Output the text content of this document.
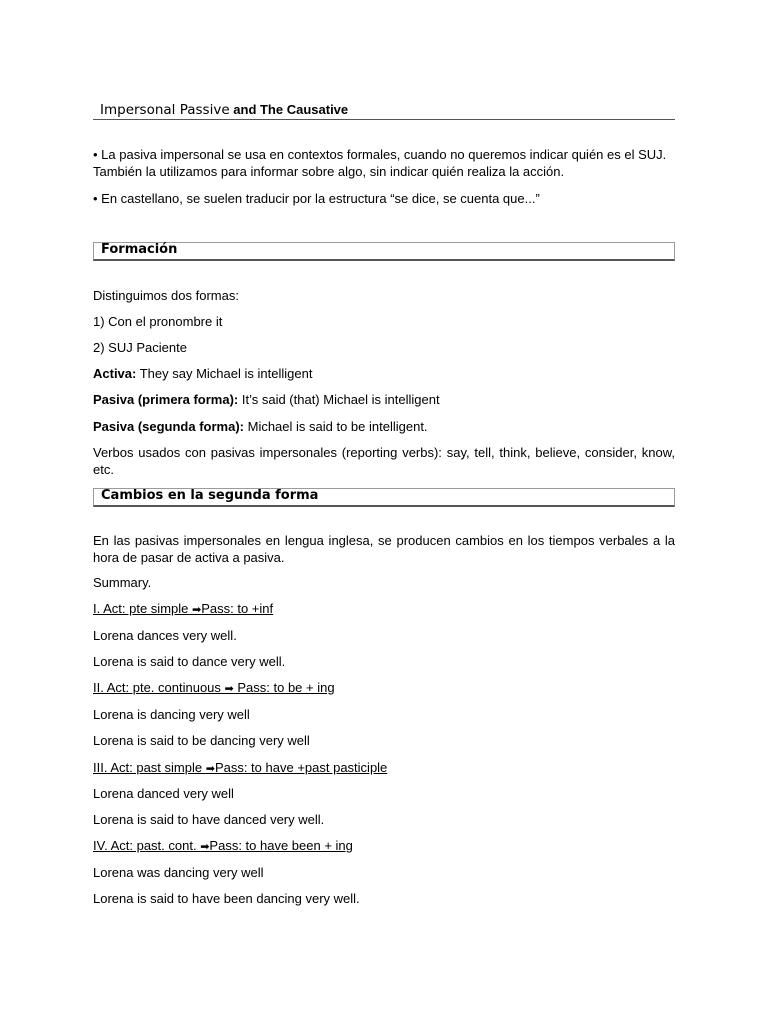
Impersonal Passive and The Causative

• La pasiva impersonal se usa en contextos formales, cuando no queremos indicar quién es el SUJ. También la utilizamos para informar sobre algo, sin indicar quién realiza la acción.

• En castellano, se suelen traducir por la estructura “se dice, se cuenta que...”

Formación

Distinguimos dos formas:

1) Con el pronombre it

2) SUJ Paciente

Activa: They say Michael is intelligent

Pasiva (primera forma): It’s said (that) Michael is intelligent

Pasiva (segunda forma): Michael is said to be intelligent.

Verbos usados con pasivas impersonales (reporting verbs): say, tell, think, believe, consider, know, etc.

Cambios en la segunda forma

En las pasivas impersonales en lengua inglesa, se producen cambios en los tiempos verbales a la hora de pasar de activa a pasiva.

Summary.

I. Act: pte simple ➡Pass: to +inf

Lorena dances very well.

Lorena is said to dance very well.

II. Act: pte. continuous ➡ Pass: to be + ing

Lorena is dancing very well

Lorena is said to be dancing very well

III. Act: past simple ➡Pass: to have +past pasticiple

Lorena danced very well

Lorena is said to have danced very well.

IV. Act: past. cont. ➡Pass: to have been + ing

Lorena was dancing very well

Lorena is said to have been dancing very well.
